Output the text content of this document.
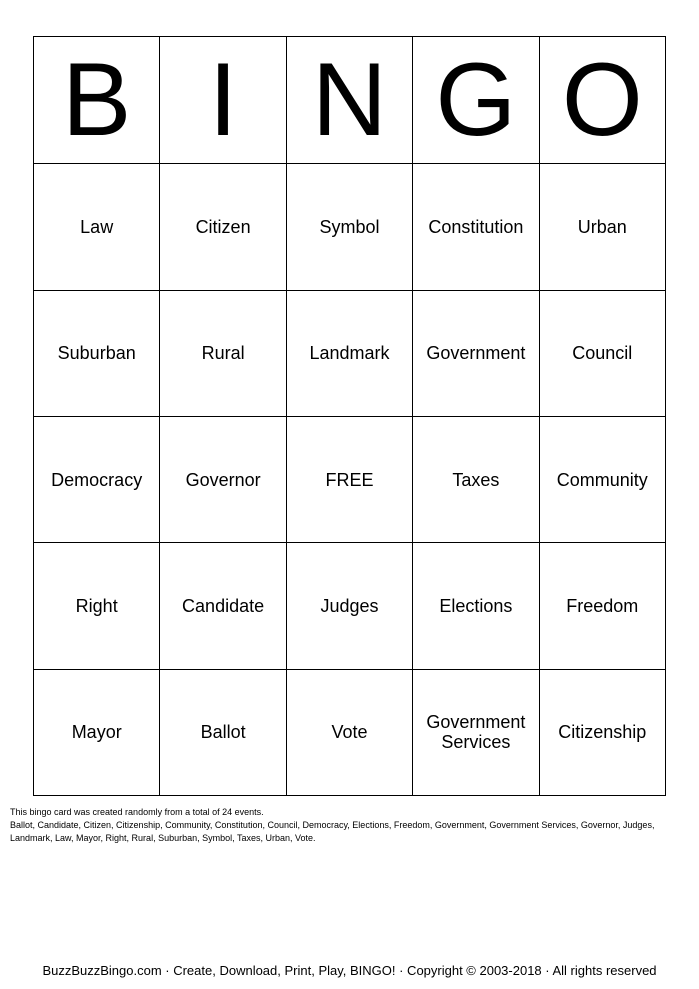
B	I	N	G	O
Law	Citizen	Symbol	Constitution	Urban
Suburban	Rural	Landmark	Government	Council
Democracy	Governor	FREE	Taxes	Community
Right	Candidate	Judges	Elections	Freedom
Mayor	Ballot	Vote	Government Services	Citizenship
This bingo card was created randomly from a total of 24 events.
Ballot, Candidate, Citizen, Citizenship, Community, Constitution, Council, Democracy, Elections, Freedom, Government, Government Services, Governor, Judges, Landmark, Law, Mayor, Right, Rural, Suburban, Symbol, Taxes, Urban, Vote.
BuzzBuzzBingo.com · Create, Download, Print, Play, BINGO! · Copyright © 2003-2018 · All rights reserved
